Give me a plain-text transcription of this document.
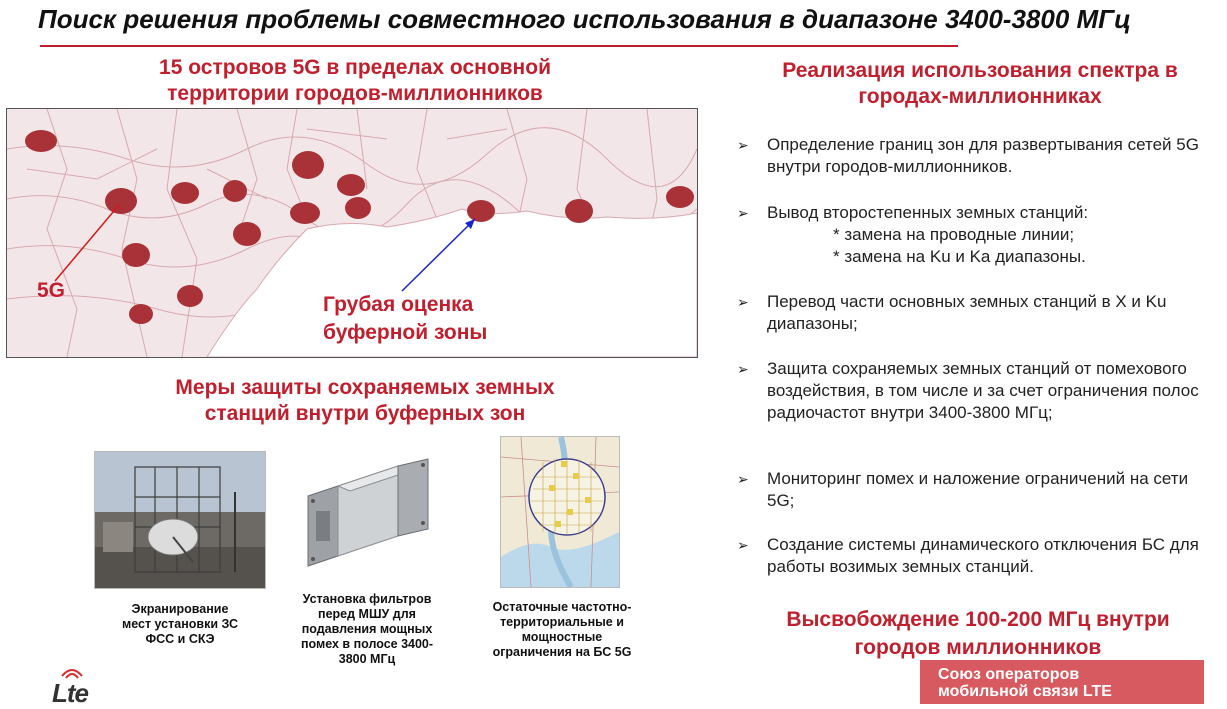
Поиск решения проблемы совместного использования в диапазоне 3400-3800 МГц
15 островов 5G в пределах основной
территории городов-миллионников
5G
Грубая оценка
буферной зоны
Реализация использования спектра в
городах-миллионниках
➢ Определение границ зон для развертывания сетей 5G внутри городов-миллионников.
➢ Вывод второстепенных земных станций:
* замена на проводные линии;
* замена на Ku и Ka диапазоны.
➢ Перевод части основных земных станций в X и Ku диапазоны;
➢ Защита сохраняемых земных станций от помехового воздействия, в том числе и за счет ограничения полос радиочастот внутри 3400-3800 МГц;
➢ Мониторинг помех и наложение ограничений на сети 5G;
➢ Создание системы динамического отключения БС для работы возимых земных станций.
Высвобождение 100-200 МГц внутри
городов миллионников
Меры защиты сохраняемых земных
станций внутри буферных зон
Экранирование
мест установки ЗС
ФСС и СКЭ
Установка фильтров
перед МШУ для
подавления мощных
помех в полосе 3400-
3800 МГц
Остаточные частотно-
территориальные и
мощностные
ограничения на БС 5G
Lte
Союз операторов
мобильной связи LTE
